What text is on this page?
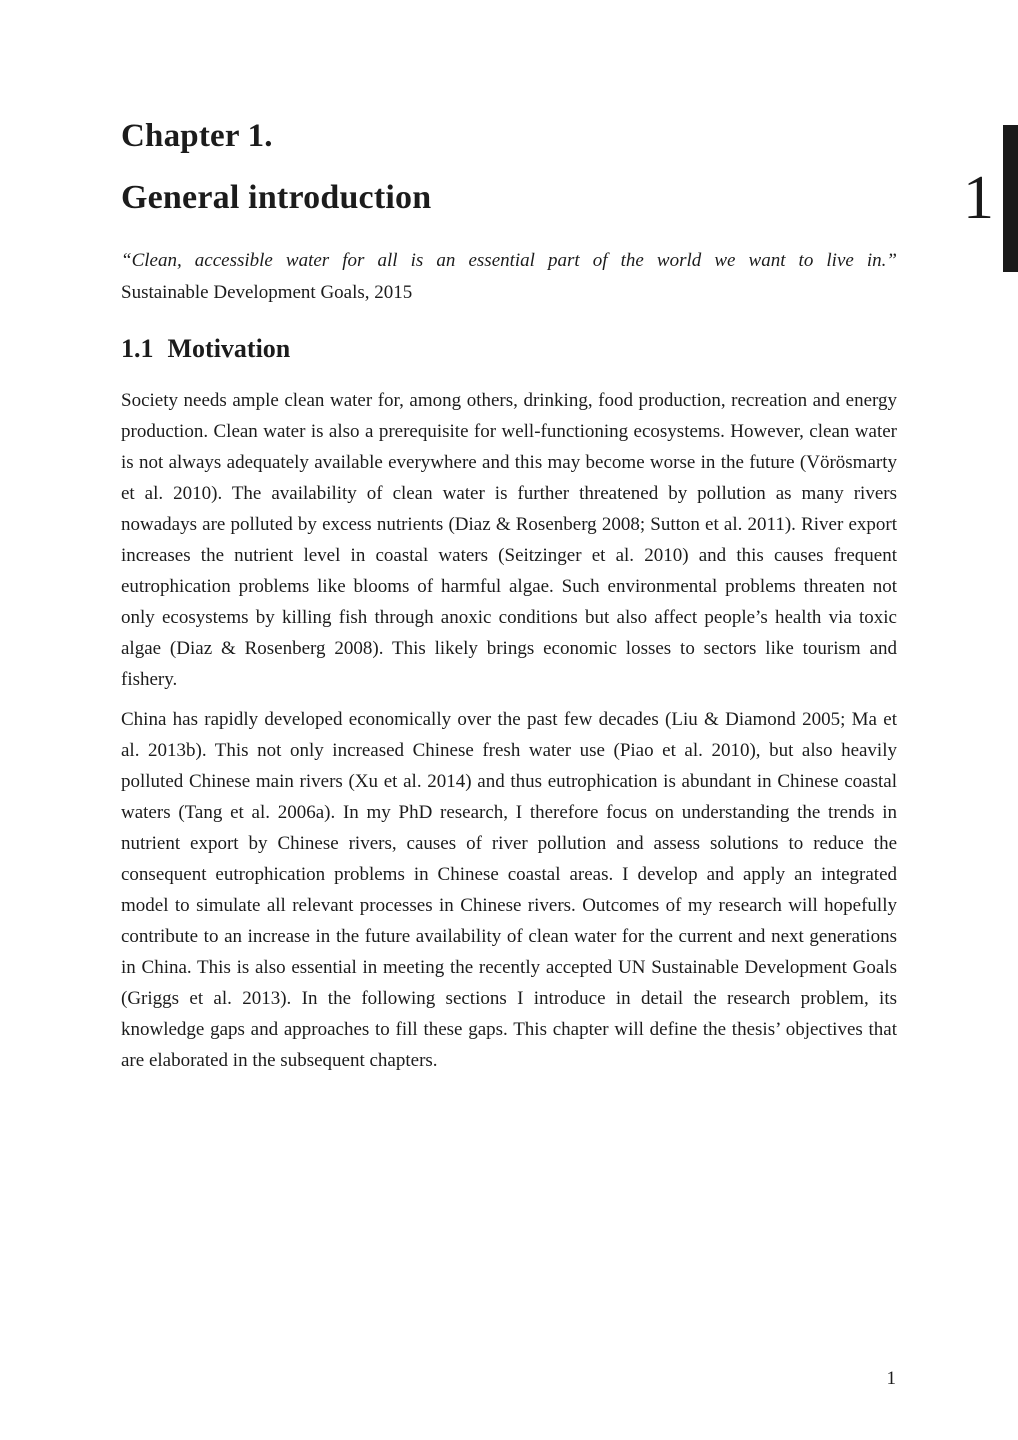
1
Chapter 1.
General introduction

“Clean, accessible water for all is an essential part of the world we want to live in.”

Sustainable Development Goals, 2015

1.1 Motivation

Society needs ample clean water for, among others, drinking, food production, recreation and energy production. Clean water is also a prerequisite for well-functioning ecosystems. However, clean water is not always adequately available everywhere and this may become worse in the future (Vörösmarty et al. 2010). The availability of clean water is further threatened by pollution as many rivers nowadays are polluted by excess nutrients (Diaz & Rosenberg 2008; Sutton et al. 2011). River export increases the nutrient level in coastal waters (Seitzinger et al. 2010) and this causes frequent eutrophication problems like blooms of harmful algae. Such environmental problems threaten not only ecosystems by killing fish through anoxic conditions but also affect people’s health via toxic algae (Diaz & Rosenberg 2008). This likely brings economic losses to sectors like tourism and fishery.

China has rapidly developed economically over the past few decades (Liu & Diamond 2005; Ma et al. 2013b). This not only increased Chinese fresh water use (Piao et al. 2010), but also heavily polluted Chinese main rivers (Xu et al. 2014) and thus eutrophication is abundant in Chinese coastal waters (Tang et al. 2006a). In my PhD research, I therefore focus on understanding the trends in nutrient export by Chinese rivers, causes of river pollution and assess solutions to reduce the consequent eutrophication problems in Chinese coastal areas. I develop and apply an integrated model to simulate all relevant processes in Chinese rivers. Outcomes of my research will hopefully contribute to an increase in the future availability of clean water for the current and next generations in China. This is also essential in meeting the recently accepted UN Sustainable Development Goals (Griggs et al. 2013). In the following sections I introduce in detail the research problem, its knowledge gaps and approaches to fill these gaps. This chapter will define the thesis’ objectives that are elaborated in the subsequent chapters.

1
